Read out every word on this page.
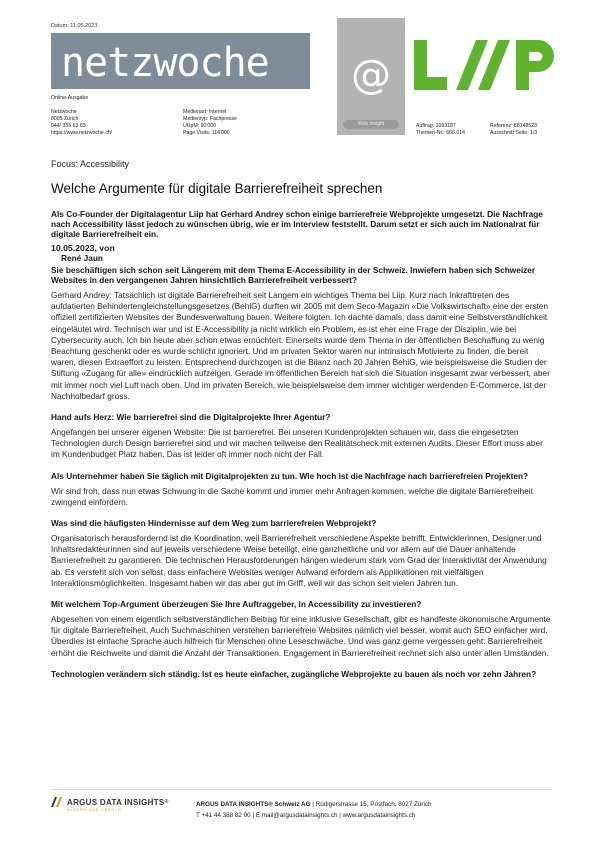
Datum: 11.05.2023
netzwoche @
Web Insight
Online-Ausgabe
Netzwoche
8005 Zürich
044/ 355 63 63
https://www.netzwoche.ch/
Medienart: Internet
Medientyp: Fachpresse
UUpM: 90'000
Page Visits: 114'000
Auftrag: 1093187
Themen-Nr.: 666.014
Referenz: 88148523
Ausschnitt Seite: 1/3
Focus: Accessibility
Welche Argumente für digitale Barrierefreiheit sprechen
Als Co-Founder der Digitalagentur Liip hat Gerhard Andrey schon einige barrierefreie Webprojekte umgesetzt. Die Nachfrage nach Accessibility lässt jedoch zu wünschen übrig, wie er im Interview feststellt. Darum setzt er sich auch im Nationalrat für digitale Barrierefreiheit ein.
10.05.2023, von
René Jaun
Sie beschäftigen sich schon seit Längerem mit dem Thema E-Accessibility in der Schweiz. Inwiefern haben sich Schweizer Websites in den vergangenen Jahren hinsichtlich Barrierefreiheit verbessert?
Gerhard Andrey: Tatsächlich ist digitale Barrierefreiheit seit Langem ein wichtiges Thema bei Liip. Kurz nach Inkrafttreten des aufdatierten Behindertengleichstellungsgesetzes (BehiG) durften wir 2005 mit dem Seco-Magazin «Die Volkswirtschaft» eine der ersten offiziell zertifizierten Websites der Bundesverwaltung bauen. Weitere folgten. Ich dachte damals, dass damit eine Selbstverständlichkeit eingeläutet wird. Technisch war und ist E-Accessibility ja nicht wirklich ein Problem, es ist eher eine Frage der Disziplin, wie bei Cybersecurity auch. Ich bin heute aber schon etwas ernüchtert. Einerseits wurde dem Thema in der öffentlichen Beschaffung zu wenig Beachtung geschenkt oder es wurde schlicht ignoriert. Und im privaten Sektor waren nur intrinsisch Motivierte zu finden, die bereit waren, diesen Extraeffort zu leisten. Entsprechend durchzogen ist die Bilanz nach 20 Jahren BehiG, wie beispielsweise die Studien der Stiftung «Zugang für alle» eindrücklich aufzeigen. Gerade im öffentlichen Bereich hat sich die Situation insgesamt zwar verbessert, aber mit immer noch viel Luft nach oben. Und im privaten Bereich, wie beispielsweise dem immer wichtiger werdenden E-Commerce, ist der Nachholbedarf gross.
Hand aufs Herz: Wie barrierefrei sind die Digitalprojekte Ihrer Agentur?
Angefangen bei unserer eigenen Website: Die ist barrierefrei. Bei unseren Kundenprojekten schauen wir, dass die eingesetzten Technologien durch Design barrierefrei sind und wir machen teilweise den Realitätscheck mit externen Audits. Dieser Effort muss aber im Kundenbudget Platz haben. Das ist leider oft immer noch nicht der Fall.
Als Unternehmer haben Sie täglich mit Digitalprojekten zu tun. Wie hoch ist die Nachfrage nach barrierefreien Projekten?
Wir sind froh, dass nun etwas Schwung in die Sache kommt und immer mehr Anfragen kommen, welche die digitale Barrierefreiheit zwingend einfordern.
Was sind die häufigsten Hindernisse auf dem Weg zum barrierefreien Webprojekt?
Organisatorisch herausfordernd ist die Koordination, weil Barrierefreiheit verschiedene Aspekte betrifft. Entwicklerinnen, Designer und Inhaltsredakteurinnen sind auf jeweils verschiedene Weise beteiligt, eine ganzheitliche und vor allem auf die Dauer anhaltende Barrierefreiheit zu garantieren. Die technischen Herausforderungen hängen wiederum stark vom Grad der Interaktivität der Anwendung ab. Es versteht sich von selbst, dass einfachere Websites weniger Aufwand erfordern als Applikationen mit vielfältigen Interaktionsmöglichkeiten. Insgesamt haben wir das aber gut im Griff, weil wir das schon seit vielen Jahren tun.
Mit welchem Top-Argument überzeugen Sie Ihre Auftraggeber, in Accessibility zu investieren?
Abgesehen von einem eigentlich selbstverständlichen Beitrag für eine inklusive Gesellschaft, gibt es handfeste ökonomische Argumente für digitale Barrierefreiheit. Auch Suchmaschinen verstehen barrierefreie Websites nämlich viel besser, womit auch SEO einfacher wird. Überdies ist einfache Sprache auch hilfreich für Menschen ohne Leseschwäche. Und was ganz gerne vergessen geht: Barrierefreiheit erhöht die Reichweite und damit die Anzahl der Transaktionen. Engagement in Barrierefreiheit rechnet sich also unter allen Umständen.
Technologien verändern sich ständig. Ist es heute einfacher, zugängliche Webprojekte zu bauen als noch vor zehn Jahren?
ARGUS DATA INSIGHTS ®
WISSEN UND ERFOLG
ARGUS DATA INSIGHTS® Schweiz AG | Rüdigerstrasse 15, Postfach, 8027 Zürich
T +41 44 388 82 00 | E mail@argusdatainsights.ch | www.argusdatainsights.ch
